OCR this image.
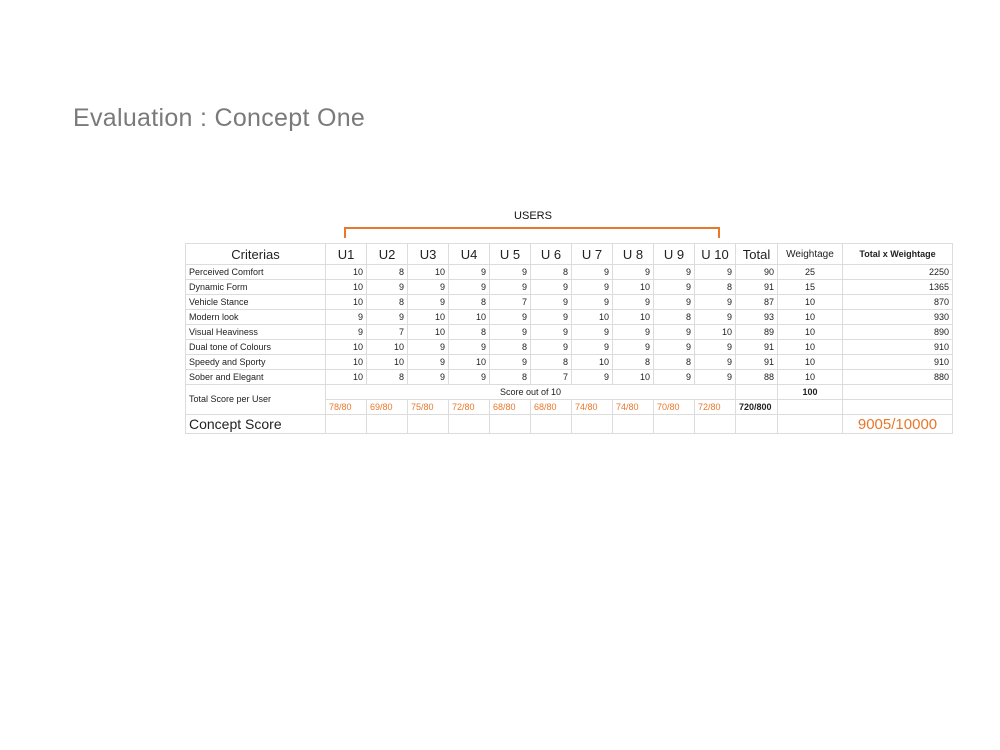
Evaluation : Concept One
USERS
Criterias	U1	U2	U3	U4	U 5	U 6	U 7	U 8	U 9	U 10	Total	Weightage	Total x Weightage
Perceived Comfort	10	8	10	9	9	8	9	9	9	9	90	25	2250
Dynamic Form	10	9	9	9	9	9	9	10	9	8	91	15	1365
Vehicle Stance	10	8	9	8	7	9	9	9	9	9	87	10	870
Modern look	9	9	10	10	9	9	10	10	8	9	93	10	930
Visual Heaviness	9	7	10	8	9	9	9	9	9	10	89	10	890
Dual tone of Colours	10	10	9	9	8	9	9	9	9	9	91	10	910
Speedy and Sporty	10	10	9	10	9	8	10	8	8	9	91	10	910
Sober and Elegant	10	8	9	9	8	7	9	10	9	9	88	10	880
Total Score per User	Score out of 10											100	
	78/80	69/80	75/80	72/80	68/80	68/80	74/80	74/80	70/80	72/80	720/800		
Concept Score													9005/10000
